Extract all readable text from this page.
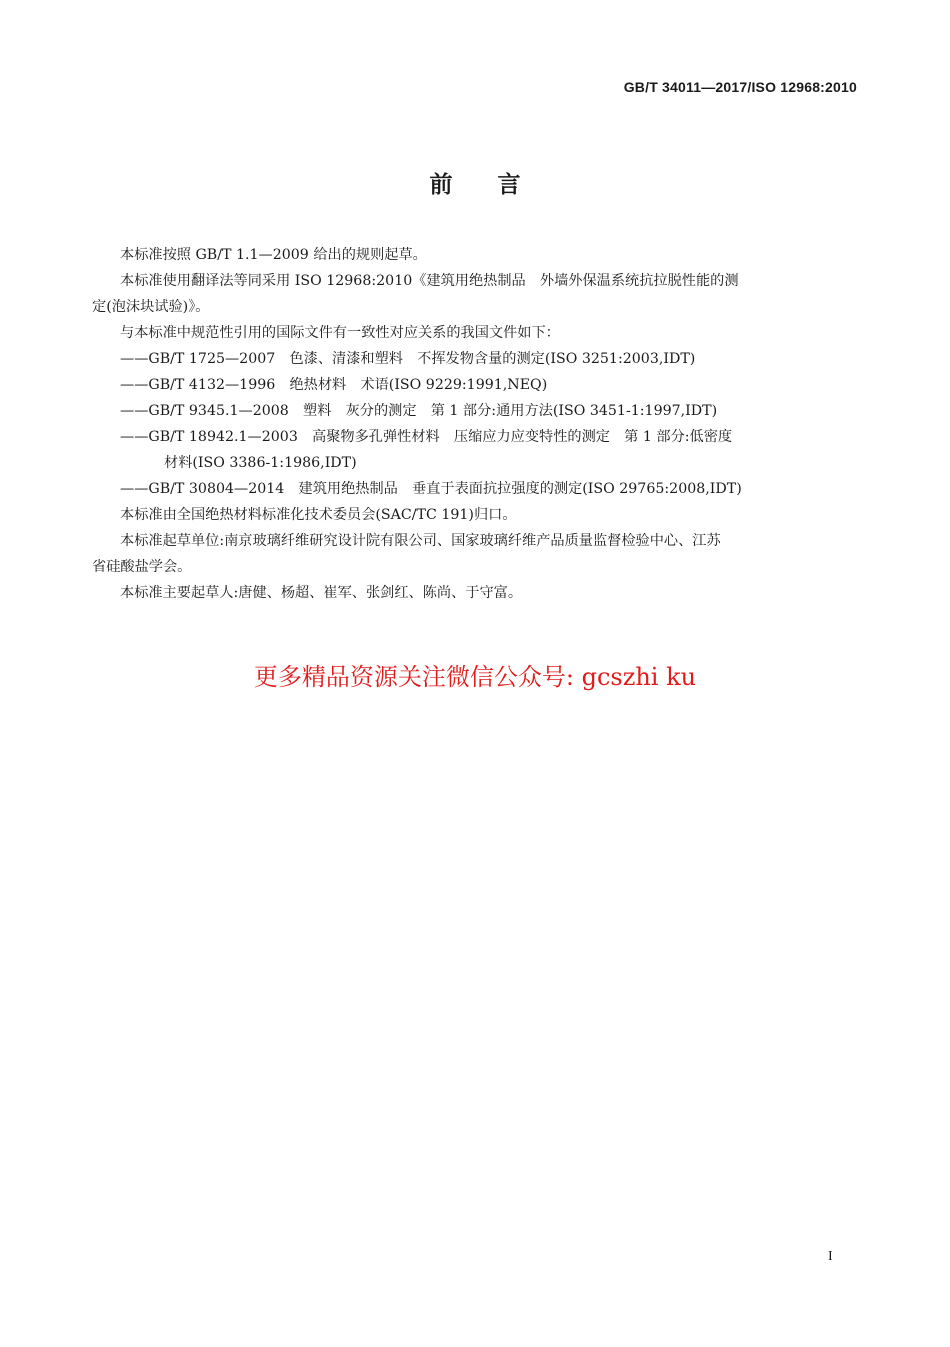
GB/T 34011—2017/ISO 12968:2010
前言

本标准按照 GB/T 1.1—2009 给出的规则起草。

本标准使用翻译法等同采用 ISO 12968:2010《建筑用绝热制品　外墙外保温系统抗拉脱性能的测

定(泡沫块试验)》。

与本标准中规范性引用的国际文件有一致性对应关系的我国文件如下：

——GB/T 1725—2007　色漆、清漆和塑料　不挥发物含量的测定(ISO 3251:2003,IDT)

——GB/T 4132—1996　绝热材料　术语(ISO 9229:1991,NEQ)

——GB/T 9345.1—2008　塑料　灰分的测定　第 1 部分:通用方法(ISO 3451-1:1997,IDT)

——GB/T 18942.1—2003　高聚物多孔弹性材料　压缩应力应变特性的测定　第 1 部分:低密度

材料(ISO 3386-1:1986,IDT)

——GB/T 30804—2014　建筑用绝热制品　垂直于表面抗拉强度的测定(ISO 29765:2008,IDT)

本标准由全国绝热材料标准化技术委员会(SAC/TC 191)归口。

本标准起草单位:南京玻璃纤维研究设计院有限公司、国家玻璃纤维产品质量监督检验中心、江苏

省硅酸盐学会。

本标准主要起草人:唐健、杨超、崔军、张剑红、陈尚、于守富。

更多精品资源关注微信公众号: gcszhi ku
I
